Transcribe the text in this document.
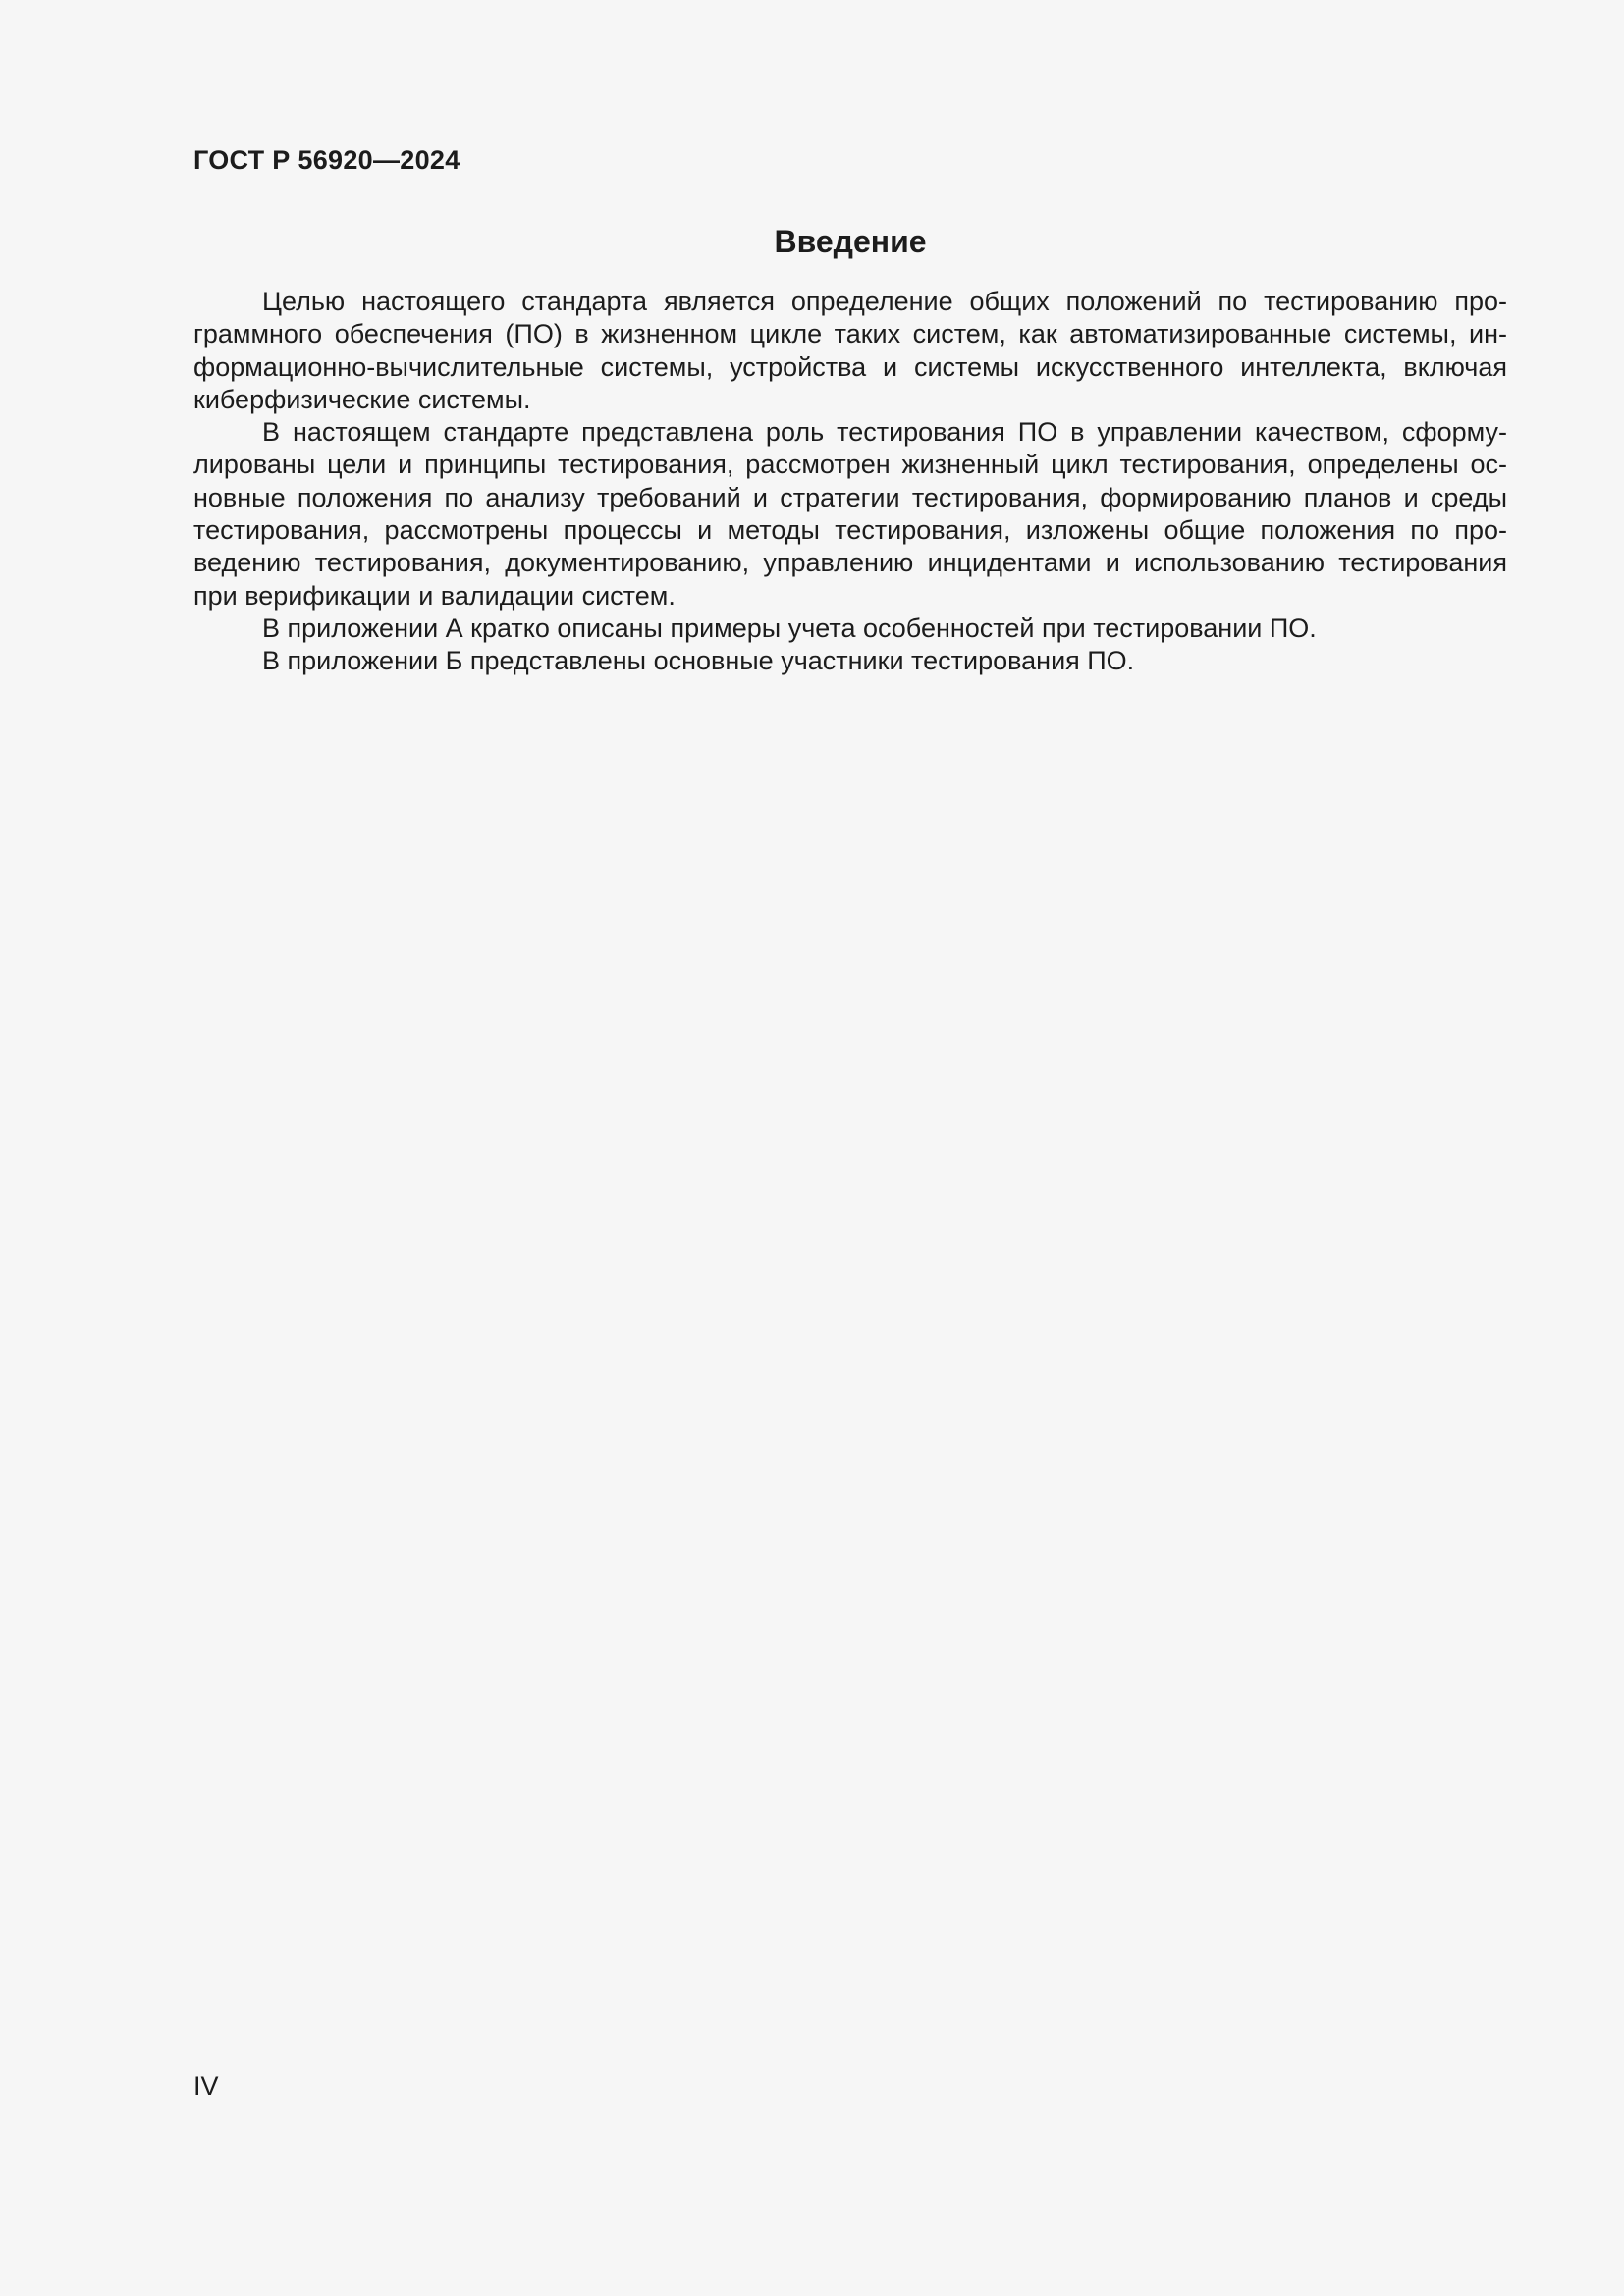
ГОСТ Р 56920—2024
Введение
Целью настоящего стандарта является определение общих положений по тестированию про-
граммного обеспечения (ПО) в жизненном цикле таких систем, как автоматизированные системы, ин-
формационно-вычислительные системы, устройства и системы искусственного интеллекта, включая
киберфизические системы.
В настоящем стандарте представлена роль тестирования ПО в управлении качеством, сформу-
лированы цели и принципы тестирования, рассмотрен жизненный цикл тестирования, определены ос-
новные положения по анализу требований и стратегии тестирования, формированию планов и среды
тестирования, рассмотрены процессы и методы тестирования, изложены общие положения по про-
ведению тестирования, документированию, управлению инцидентами и использованию тестирования
при верификации и валидации систем.
В приложении А кратко описаны примеры учета особенностей при тестировании ПО.
В приложении Б представлены основные участники тестирования ПО.
IV
